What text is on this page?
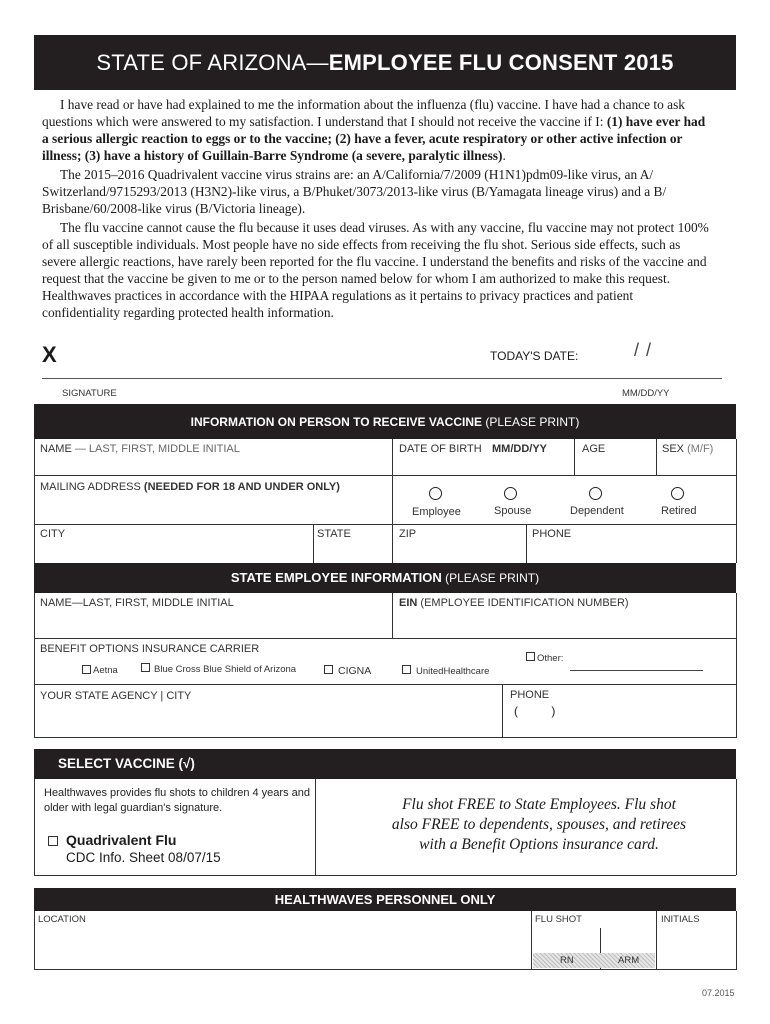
STATE OF ARIZONA—EMPLOYEE FLU CONSENT 2015

I have read or have had explained to me the information about the influenza (flu) vaccine. I have had a chance to ask questions which were answered to my satisfaction. I understand that I should not receive the vaccine if I: (1) have ever had a serious allergic reaction to eggs or to the vaccine; (2) have a fever, acute respiratory or other active infection or illness; (3) have a history of Guillain-Barre Syndrome (a severe, paralytic illness).

The 2015–2016 Quadrivalent vaccine virus strains are: an A/California/7/2009 (H1N1)pdm09-like virus, an A/ Switzerland/9715293/2013 (H3N2)-like virus, a B/Phuket/3073/2013-like virus (B/Yamagata lineage virus) and a B/ Brisbane/60/2008-like virus (B/Victoria lineage).

The flu vaccine cannot cause the flu because it uses dead viruses. As with any vaccine, flu vaccine may not protect 100% of all susceptible individuals. Most people have no side effects from receiving the flu shot. Serious side effects, such as severe allergic reactions, have rarely been reported for the flu vaccine. I understand the benefits and risks of the vaccine and request that the vaccine be given to me or to the person named below for whom I am authorized to make this request. Healthwaves practices in accordance with the HIPAA regulations as it pertains to privacy practices and patient confidentiality regarding protected health information.

X	TODAY'S DATE:	/ /
SIGNATURE	MM/DD/YY
INFORMATION ON PERSON TO RECEIVE VACCINE (PLEASE PRINT)
NAME — LAST, FIRST, MIDDLE INITIAL	DATE OF BIRTH MM/DD/YY	AGE	SEX (M/F)
MAILING ADDRESS (NEEDED FOR 18 AND UNDER ONLY)
Employee	Spouse	Dependent	Retired
CITY	STATE	ZIP	PHONE
STATE EMPLOYEE INFORMATION (PLEASE PRINT)
NAME—LAST, FIRST, MIDDLE INITIAL	EIN (EMPLOYEE IDENTIFICATION NUMBER)
BENEFIT OPTIONS INSURANCE CARRIER
Aetna	Blue Cross Blue Shield of Arizona	CIGNA	UnitedHealthcare
Other:
YOUR STATE AGENCY | CITY	PHONE
(          )
SELECT VACCINE (√)
Healthwaves provides flu shots to children 4 years and older with legal guardian's signature.
Quadrivalent Flu
CDC Info. Sheet 08/07/15
Flu shot FREE to State Employees. Flu shot
also FREE to dependents, spouses, and retirees
with a Benefit Options insurance card.
HEALTHWAVES PERSONNEL ONLY
LOCATION	FLU SHOT	INITIALS
RN	ARM
07.2015
